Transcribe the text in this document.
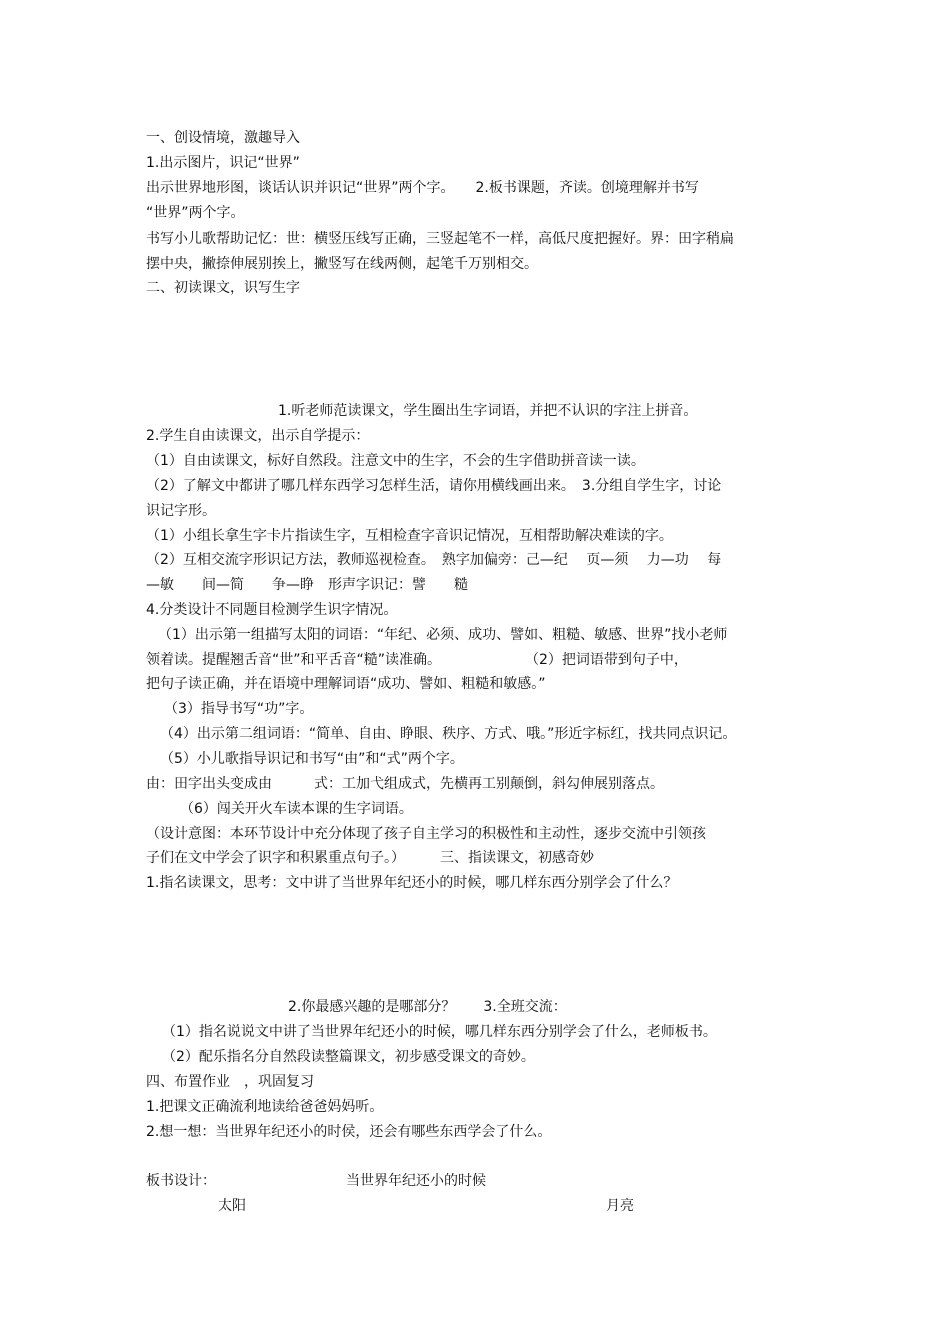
一、创设情境，激趣导入
1.出示图片，识记“世界”
出示世界地形图，谈话认识并识记“世界”两个字。　　2.板书课题，齐读。创境理解并书写
“世界”两个字。
书写小儿歌帮助记忆：世：横竖压线写正确，三竖起笔不一样，高低尺度把握好。界：田字稍扁
摆中央，撇捺伸展别挨上，撇竖写在线两侧，起笔千万别相交。
二、初读课文，识写生字
1.听老师范读课文，学生圈出生字词语，并把不认识的字注上拼音。
2.学生自由读课文，出示自学提示：
（1）自由读课文，标好自然段。注意文中的生字，不会的生字借助拼音读一读。
（2）了解文中都讲了哪几样东西学习怎样生活，请你用横线画出来。　3.分组自学生字，讨论
识记字形。
（1）小组长拿生字卡片指读生字，互相检查字音识记情况，互相帮助解决难读的字。
（2）互相交流字形识记方法，教师巡视检查。　熟字加偏旁：己—纪　 页—须　 力—功　 每
—敏　　间—简　　争—睁　形声字识记：譬　　糙
4.分类设计不同题目检测学生识字情况。
（1）出示第一组描写太阳的词语：“年纪、必须、成功、譬如、粗糙、敏感、世界”找小老师
领着读。提醒翘舌音“世”和平舌音“糙”读准确。　　　　　　　（2）把词语带到句子中，
把句子读正确，并在语境中理解词语“成功、譬如、粗糙和敏感。”
（3）指导书写“功”字。
（4）出示第二组词语：“简单、自由、睁眼、秩序、方式、哦。”形近字标红，找共同点识记。
（5）小儿歌指导识记和书写“由”和“式”两个字。
由：田字出头变成由　　　式：工加弋组成式，先横再工别颠倒，斜勾伸展别落点。
（6）闯关开火车读本课的生字词语。
（设计意图：本环节设计中充分体现了孩子自主学习的积极性和主动性，逐步交流中引领孩
子们在文中学会了识字和积累重点句子。）　　　三、指读课文，初感奇妙
1.指名读课文，思考：文中讲了当世界年纪还小的时候，哪几样东西分别学会了什么？
2.你最感兴趣的是哪部分？　　3.全班交流：
（1）指名说说文中讲了当世界年纪还小的时候，哪几样东西分别学会了什么，老师板书。
（2）配乐指名分自然段读整篇课文，初步感受课文的奇妙。
四、布置作业　，巩固复习
1.把课文正确流利地读给爸爸妈妈听。
2.想一想：当世界年纪还小的时侯，还会有哪些东西学会了什么。
板书设计：	当世界年纪还小的时候
太阳	月亮
